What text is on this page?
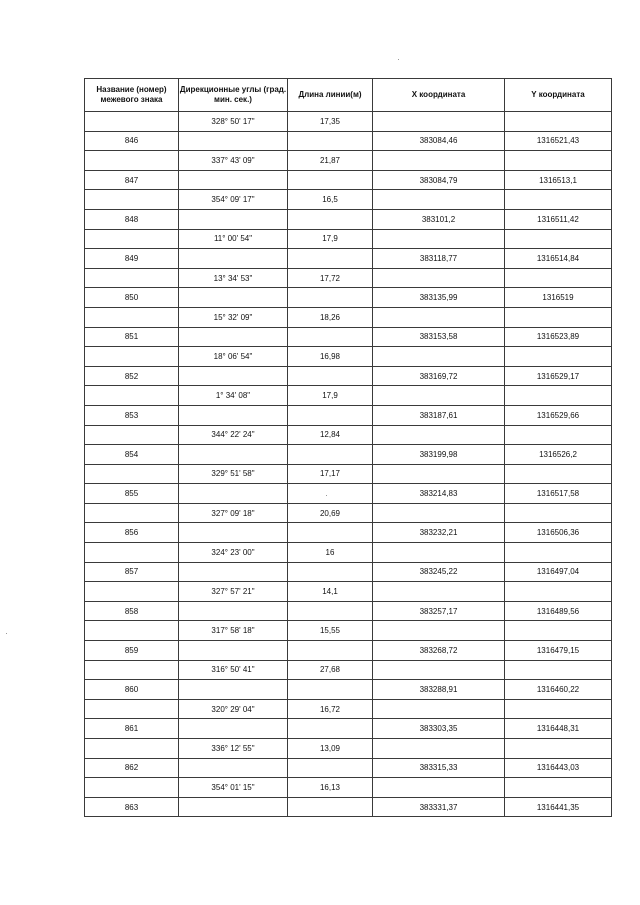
Название (номер) межевого знака	Дирекционные углы (град. мин. сек.)	Длина линии(м)	Х координата	Y координата
	328° 50' 17"	17,35		
846			383084,46	1316521,43
	337° 43' 09"	21,87		
847			383084,79	1316513,1
	354° 09' 17"	16,5		
848			383101,2	1316511,42
	11° 00' 54"	17,9		
849			383118,77	1316514,84
	13° 34' 53"	17,72		
850			383135,99	1316519
	15° 32' 09"	18,26		
851			383153,58	1316523,89
	18° 06' 54"	16,98		
852			383169,72	1316529,17
	1° 34' 08"	17,9		
853			383187,61	1316529,66
	344° 22' 24"	12,84		
854			383199,98	1316526,2
	329° 51' 58"	17,17		
855			383214,83	1316517,58
	327° 09' 18"	20,69		
856			383232,21	1316506,36
	324° 23' 00"	16		
857			383245,22	1316497,04
	327° 57' 21"	14,1		
858			383257,17	1316489,56
	317° 58' 18"	15,55		
859			383268,72	1316479,15
	316° 50' 41"	27,68		
860			383288,91	1316460,22
	320° 29' 04"	16,72		
861			383303,35	1316448,31
	336° 12' 55"	13,09		
862			383315,33	1316443,03
	354° 01' 15"	16,13		
863			383331,37	1316441,35
